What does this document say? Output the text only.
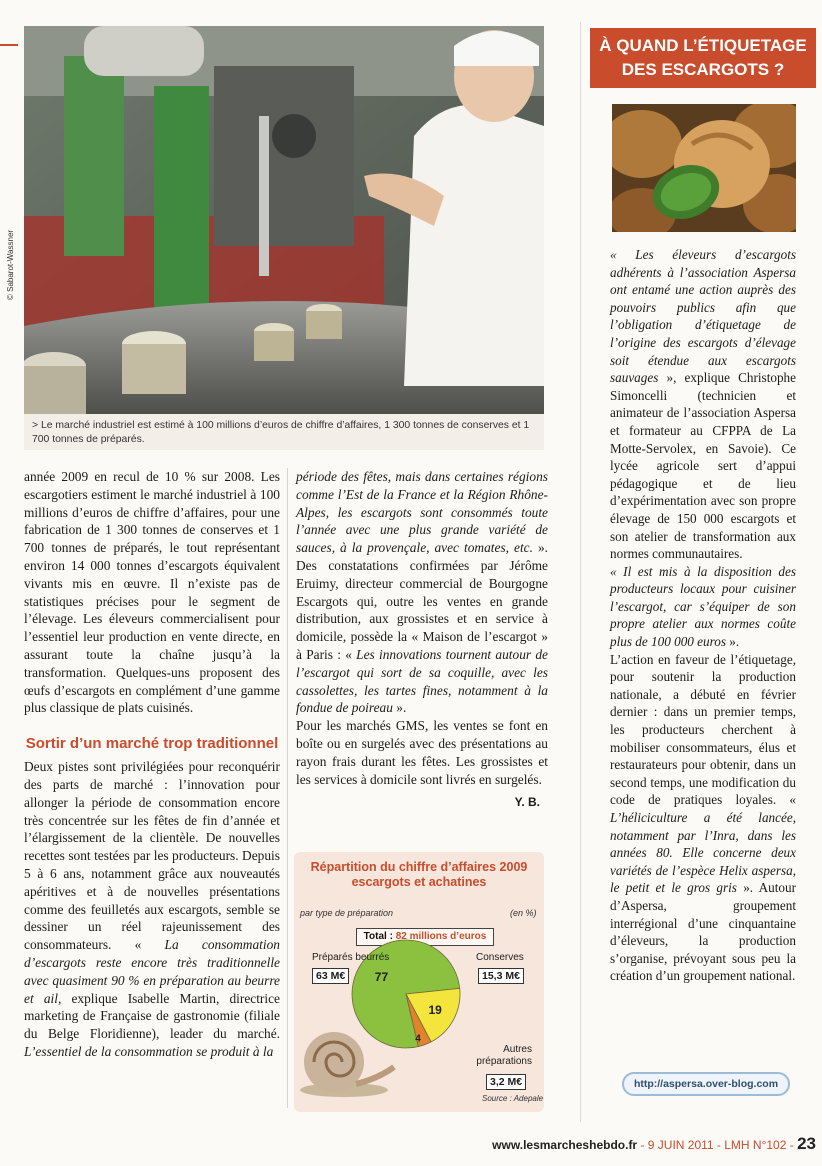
© Sabarot-Wassner
> Le marché industriel est estimé à 100 millions d’euros de chiffre d’affaires, 1 300 tonnes de conserves et 1 700 tonnes de préparés.

année 2009 en recul de 10 % sur 2008. Les escargotiers estiment le marché industriel à 100 millions d’euros de chiffre d’affaires, pour une fabrication de 1 300 tonnes de conserves et 1 700 tonnes de préparés, le tout représentant environ 14 000 tonnes d’escargots équivalent vivants mis en œuvre. Il n’existe pas de statistiques précises pour le segment de l’élevage. Les éleveurs commercialisent pour l’essentiel leur production en vente directe, en assurant toute la chaîne jusqu’à la transformation. Quelques-uns proposent des œufs d’escargots en complément d’une gamme plus classique de plats cuisinés.

Sortir d’un marché trop traditionnel

Deux pistes sont privilégiées pour reconquérir des parts de marché : l’innovation pour allonger la période de consommation encore très concentrée sur les fêtes de fin d’année et l’élargissement de la clientèle. De nouvelles recettes sont testées par les producteurs. Depuis 5 à 6 ans, notamment grâce aux nouveautés apéritives et à de nouvelles présentations comme des feuilletés aux escargots, semble se dessiner un réel rajeunissement des consommateurs. « La consommation d’escargots reste encore très traditionnelle avec quasiment 90 % en préparation au beurre et ail, explique Isabelle Martin, directrice marketing de Française de gastronomie (filiale du Belge Floridienne), leader du marché. L’essentiel de la consommation se produit à la

période des fêtes, mais dans certaines régions comme l’Est de la France et la Région Rhône-Alpes, les escargots sont consommés toute l’année avec une plus grande variété de sauces, à la provençale, avec tomates, etc. ». Des constatations confirmées par Jérôme Eruimy, directeur commercial de Bourgogne Escargots qui, outre les ventes en grande distribution, aux grossistes et en service à domicile, possède la « Maison de l’escargot » à Paris : « Les innovations tournent autour de l’escargot qui sort de sa coquille, avec les cassolettes, les tartes fines, notamment à la fondue de poireau ».

Pour les marchés GMS, les ventes se font en boîte ou en surgelés avec des présentations au rayon frais durant les fêtes. Les grossistes et les services à domicile sont livrés en surgelés.

Y. B.
Répartition du chiffre d’affaires 2009 escargots et achatines
par type de préparation	(en %)
Total : 82 millions d’euros
77
19
4
Préparés beurrés
63 M€
Conserves
15,3 M€
Autres préparations
3,2 M€
Source : Adepale
À QUAND L’ÉTIQUETAGE
DES ESCARGOTS ?

« Les éleveurs d’escargots adhérents à l’association Aspersa ont entamé une action auprès des pouvoirs publics afin que l’obligation d’étiquetage de l’origine des escargots d’élevage soit étendue aux escargots sauvages », explique Christophe Simoncelli (technicien et animateur de l’association Aspersa et formateur au CFPPA de La Motte-Servolex, en Savoie). Ce lycée agricole sert d’appui pédagogique et de lieu d’expérimentation avec son propre élevage de 150 000 escargots et son atelier de transformation aux normes communautaires.

« Il est mis à la disposition des producteurs locaux pour cuisiner l’escargot, car s’équiper de son propre atelier aux normes coûte plus de 100 000 euros ».

L’action en faveur de l’étiquetage, pour soutenir la production nationale, a débuté en février dernier : dans un premier temps, les producteurs cherchent à mobiliser consommateurs, élus et restaurateurs pour obtenir, dans un second temps, une modification du code de pratiques loyales. « L’héliciculture a été lancée, notamment par l’Inra, dans les années 80. Elle concerne deux variétés de l’espèce Helix aspersa, le petit et le gros gris ». Autour d’Aspersa, groupement interrégional d’une cinquantaine d’éleveurs, la production s’organise, prévoyant sous peu la création d’un groupement national.

http://aspersa.over-blog.com
www.lesmarcheshebdo.fr - 9 JUIN 2011 - LMH N°102 - 23
